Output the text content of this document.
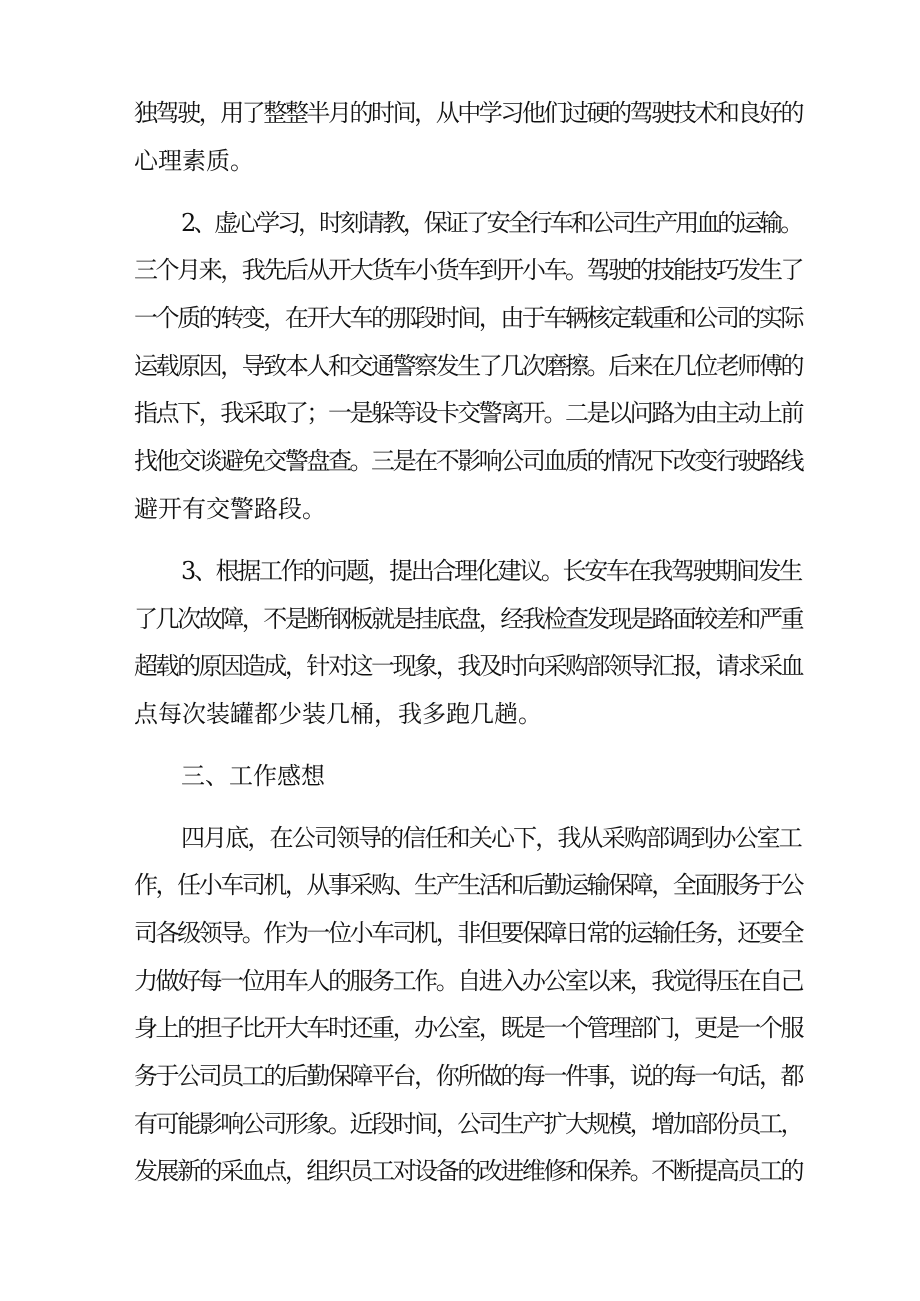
独驾驶，用了整整半月的时间，从中学习他们过硬的驾驶技术和良好的

心理素质。

2、虚心学习，时刻请教，保证了安全行车和公司生产用血的运输。

三个月来，我先后从开大货车小货车到开小车。驾驶的技能技巧发生了

一个质的转变，在开大车的那段时间，由于车辆核定载重和公司的实际

运载原因，导致本人和交通警察发生了几次磨擦。后来在几位老师傅的

指点下，我采取了；一是躲等设卡交警离开。二是以问路为由主动上前

找他交谈避免交警盘查。三是在不影响公司血质的情况下改变行驶路线

避开有交警路段。

3、根据工作的问题，提出合理化建议。长安车在我驾驶期间发生

了几次故障，不是断钢板就是挂底盘，经我检查发现是路面较差和严重

超载的原因造成，针对这一现象，我及时向采购部领导汇报，请求采血

点每次装罐都少装几桶，我多跑几趟。

三、工作感想

四月底，在公司领导的信任和关心下，我从采购部调到办公室工

作，任小车司机，从事采购、生产生活和后勤运输保障，全面服务于公

司各级领导。作为一位小车司机，非但要保障日常的运输任务，还要全

力做好每一位用车人的服务工作。自进入办公室以来，我觉得压在自己

身上的担子比开大车时还重，办公室，既是一个管理部门，更是一个服

务于公司员工的后勤保障平台，你所做的每一件事，说的每一句话，都

有可能影响公司形象。近段时间，公司生产扩大规模，增加部份员工，

发展新的采血点，组织员工对设备的改进维修和保养。不断提高员工的
